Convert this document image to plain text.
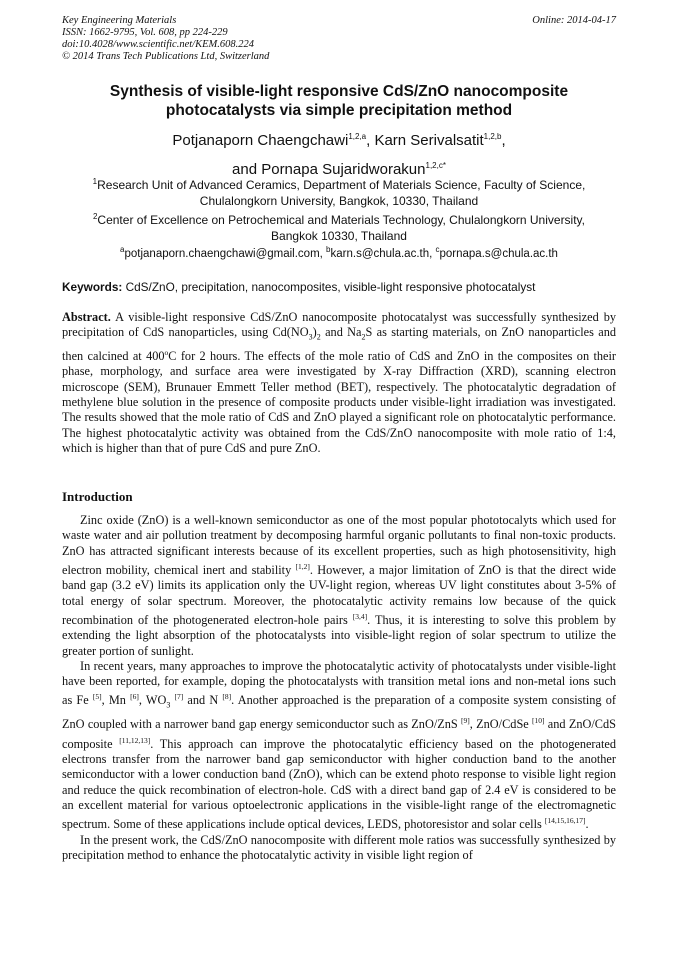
Key Engineering Materials
ISSN: 1662-9795, Vol. 608, pp 224-229
doi:10.4028/www.scientific.net/KEM.608.224
© 2014 Trans Tech Publications Ltd, Switzerland
Online: 2014-04-17
Synthesis of visible-light responsive CdS/ZnO nanocomposite
photocatalysts via simple precipitation method
Potjanaporn Chaengchawi$^{1,2,a}$, Karn Serivalsatit$^{1,2,b}$,
and Pornapa Sujaridworakun$^{1,2,c*}$
$^1$Research Unit of Advanced Ceramics, Department of Materials Science, Faculty of Science,
Chulalongkorn University, Bangkok, 10330, Thailand
$^2$Center of Excellence on Petrochemical and Materials Technology, Chulalongkorn University,
Bangkok 10330, Thailand
$^a$potjanaporn.chaengchawi@gmail.com, $^b$karn.s@chula.ac.th, $^c$pornapa.s@chula.ac.th
Keywords: CdS/ZnO, precipitation, nanocomposites, visible-light responsive photocatalyst

Abstract. A visible-light responsive CdS/ZnO nanocomposite photocatalyst was successfully synthesized by precipitation of CdS nanoparticles, using $Cd(NO_3)_2$ and $Na_2S$ as starting materials, on ZnO nanoparticles and then calcined at 400$^o$C for 2 hours. The effects of the mole ratio of CdS and ZnO in the composites on their phase, morphology, and surface area were investigated by X-ray Diffraction (XRD), scanning electron microscope (SEM), Brunauer Emmett Teller method (BET), respectively. The photocatalytic degradation of methylene blue solution in the presence of composite products under visible-light irradiation was investigated. The results showed that the mole ratio of CdS and ZnO played a significant role on photocatalytic performance. The highest photocatalytic activity was obtained from the CdS/ZnO nanocomposite with mole ratio of 1:4, which is higher than that of pure CdS and pure ZnO.

Introduction

Zinc oxide (ZnO) is a well-known semiconductor as one of the most popular phototocalyts which used for waste water and air pollution treatment by decomposing harmful organic pollutants to final non-toxic products. ZnO has attracted significant interests because of its excellent properties, such as high photosensitivity, high electron mobility, chemical inert and stability [1,2]. However, a major limitation of ZnO is that the direct wide band gap (3.2 eV) limits its application only the UV-light region, whereas UV light constitutes about 3-5% of total energy of solar spectrum. Moreover, the photocatalytic activity remains low because of the quick recombination of the photogenerated electron-hole pairs [3,4]. Thus, it is interesting to solve this problem by extending the light absorption of the photocatalysts into visible-light region of solar spectrum to utilize the greater portion of sunlight.

In recent years, many approaches to improve the photocatalytic activity of photocatalysts under visible-light have been reported, for example, doping the photocatalysts with transition metal ions and non-metal ions such as Fe [5], Mn [6], $WO_3$ [7] and N [8]. Another approached is the preparation of a composite system consisting of ZnO coupled with a narrower band gap energy semiconductor such as ZnO/ZnS [9], ZnO/CdSe [10] and ZnO/CdS composite [11,12,13]. This approach can improve the photocatalytic efficiency based on the photogenerated electrons transfer from the narrower band gap semiconductor with higher conduction band to the another semiconductor with a lower conduction band (ZnO), which can be extend photo response to visible light region and reduce the quick recombination of electron-hole. CdS with a direct band gap of 2.4 eV is considered to be an excellent material for various optoelectronic applications in the visible-light range of the electromagnetic spectrum. Some of these applications include optical devices, LEDS, photoresistor and solar cells [14,15,16,17].

In the present work, the CdS/ZnO nanocomposite with different mole ratios was successfully synthesized by precipitation method to enhance the photocatalytic activity in visible light region of
